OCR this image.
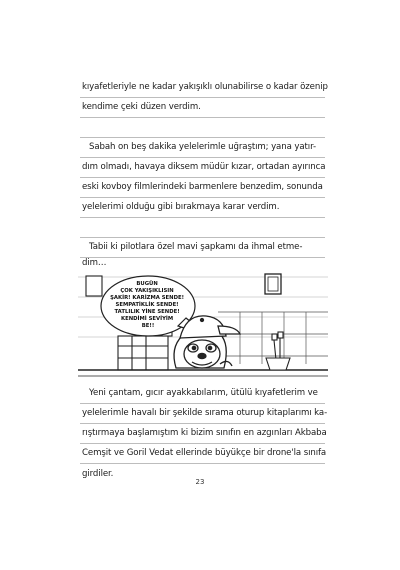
kıyafetleriyle ne kadar yakışıklı olunabilirse o kadar özenip
kendime çeki düzen verdim.
Sabah on beş dakika yelelerimle uğraştım; yana yatır-
dım olmadı, havaya diksem müdür kızar, ortadan ayırınca
eski kovboy filmlerindeki barmenlere benzedim, sonunda
yelelerimi olduğu gibi bırakmaya karar verdim.
Tabii ki pilotlara özel mavi şapkamı da ihmal etme-
dim…
BUGÜN ÇOK YAKIŞIKLISIN ŞAKİR! KARİZMA SENDE! SEMPATİKLİK SENDE! TATLILIK YİNE SENDE! KENDİMİ SEVİYİM BE!!
Yeni çantam, gıcır ayakkabılarım, ütülü kıyafetlerim ve
yelelerimle havalı bir şekilde sırama oturup kitaplarımı ka-
rıştırmaya başlamıştım ki bizim sınıfın en azgınları Akbaba
Cemşit ve Goril Vedat ellerinde büyükçe bir drone'la sınıfa
girdiler.
23
